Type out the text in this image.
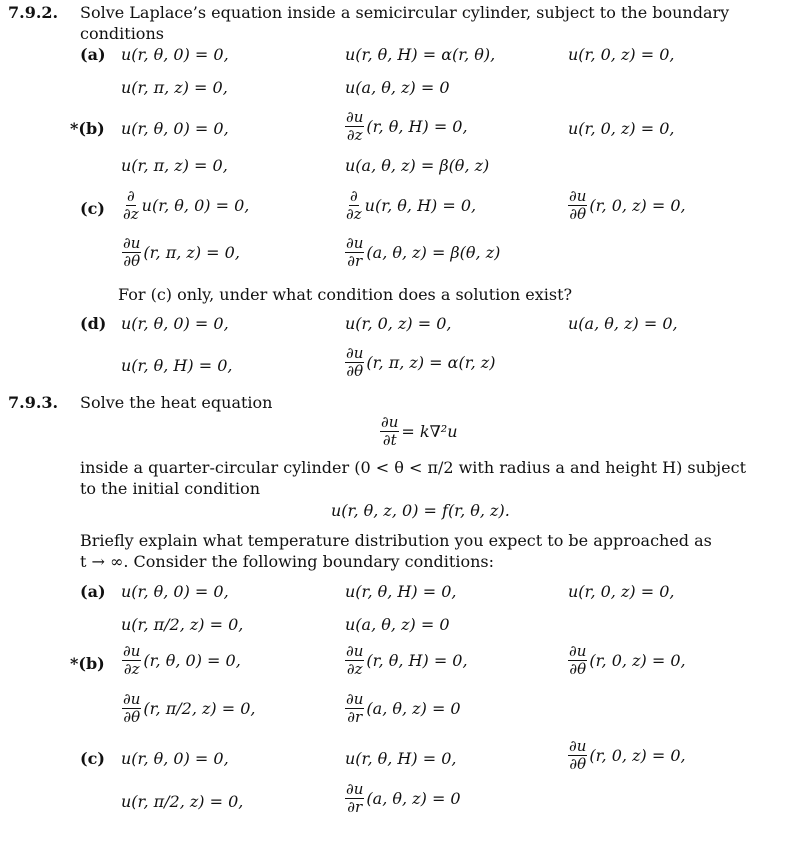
7.9.2. Solve Laplace’s equation inside a semicircular cylinder, subject to the boundary
conditions
(a) u(r, θ, 0) = 0,	u(r, θ, H) = α(r, θ),	u(r, 0, z) = 0,
u(r, π, z) = 0,	u(a, θ, z) = 0
*(b) u(r, θ, 0) = 0,	$\frac{\partial u}{\partial z} (r$, θ, H) = 0,	u(r, 0, z) = 0,
u(r, π, z) = 0,	u(a, θ, z) = β(θ, z)
$(c) \frac{\partial}{\partial z} u(r$, θ, 0) = 0,	$\frac{\partial}{\partial z} u(r$, θ, H) = 0,	$\frac{\partial u}{\partial\theta} (r$, 0, z) = 0,
$\frac{\partial u}{\partial\theta} (r$, π, z) = 0,	$\frac{\partial u}{\partial r} (a$, θ, z) = β(θ, z)
For (c) only, under what condition does a solution exist?
(d) u(r, θ, 0) = 0,	u(r, 0, z) = 0,	u(a, θ, z) = 0,
u(r, θ, H) = 0,	$\frac{\partial u}{\partial\theta} (r$, π, z) = α(r, z)
7.9.3. Solve the heat equation
$\frac{\partial u}{\partial t} = k\nabla^2u$
inside a quarter-circular cylinder (0 < θ < π/2 with radius a and height H) subject
to the initial condition
u(r, θ, z, 0) = f(r, θ, z).
Briefly explain what temperature distribution you expect to be approached as
t → ∞. Consider the following boundary conditions:
(a) u(r, θ, 0) = 0,	u(r, θ, H) = 0,	u(r, 0, z) = 0,
u(r, π/2, z) = 0,	u(a, θ, z) = 0
$*(b) \frac{\partial u}{\partial z} (r$, θ, 0) = 0,	$\frac{\partial u}{\partial z} (r$, θ, H) = 0,	$\frac{\partial u}{\partial\theta} (r$, 0, z) = 0,
$\frac{\partial u}{\partial\theta} (r$, π/2, z) = 0,	$\frac{\partial u}{\partial r} (a$, θ, z) = 0
(c) u(r, θ, 0) = 0,	u(r, θ, H) = 0,	$\frac{\partial u}{\partial\theta} (r$, 0, z) = 0,
u(r, π/2, z) = 0,	$\frac{\partial u}{\partial r} (a$, θ, z) = 0
